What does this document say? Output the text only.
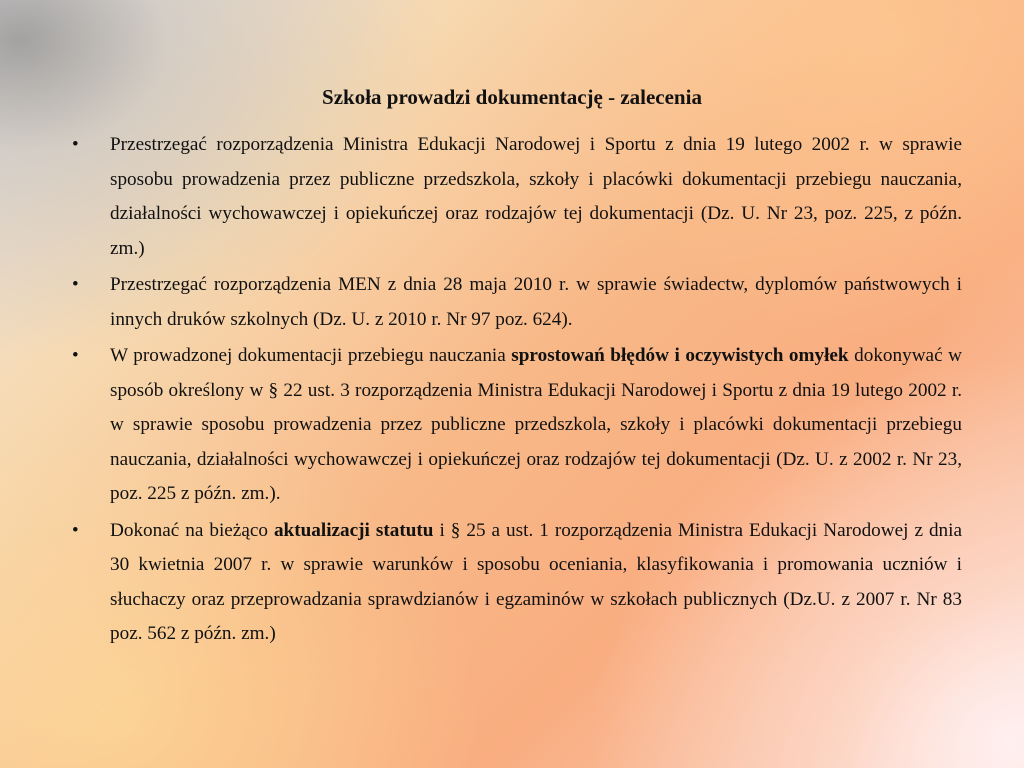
Szkoła prowadzi dokumentację - zalecenia
•	Przestrzegać rozporządzenia Ministra Edukacji Narodowej i Sportu z dnia 19 lutego 2002 r. w sprawie sposobu prowadzenia przez publiczne przedszkola, szkoły i placówki dokumentacji przebiegu nauczania, działalności wychowawczej i opiekuńczej oraz rodzajów tej dokumentacji (Dz. U. Nr 23, poz. 225, z późn. zm.)
•	Przestrzegać rozporządzenia MEN z dnia 28 maja 2010 r. w sprawie świadectw, dyplomów państwowych i innych druków szkolnych (Dz. U. z 2010 r. Nr 97 poz. 624).
•	W prowadzonej dokumentacji przebiegu nauczania sprostowań błędów i oczywistych omyłek dokonywać w sposób określony w § 22 ust. 3 rozporządzenia Ministra Edukacji Narodowej i Sportu z dnia 19 lutego 2002 r. w sprawie sposobu prowadzenia przez publiczne przedszkola, szkoły i placówki dokumentacji przebiegu nauczania, działalności wychowawczej i opiekuńczej oraz rodzajów tej dokumentacji (Dz. U. z 2002 r. Nr 23, poz. 225 z późn. zm.).
•	Dokonać na bieżąco aktualizacji statutu i § 25 a ust. 1 rozporządzenia Ministra Edukacji Narodowej z dnia 30 kwietnia 2007 r. w sprawie warunków i sposobu oceniania, klasyfikowania i promowania uczniów i słuchaczy oraz przeprowadzania sprawdzianów i egzaminów w szkołach publicznych (Dz.U. z 2007 r. Nr 83 poz. 562 z późn. zm.)
